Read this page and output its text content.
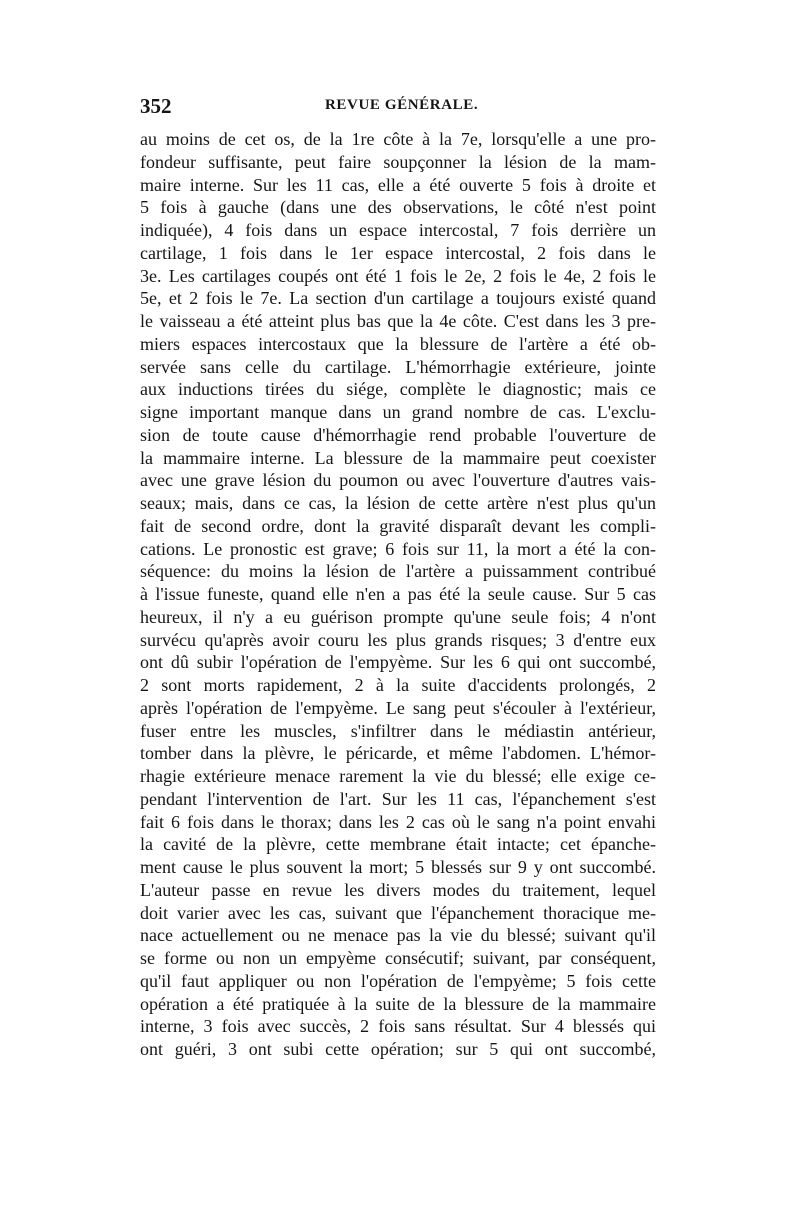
352	REVUE GÉNÉRALE.
au moins de cet os, de la 1re côte à la 7e, lorsqu'elle a une pro-
fondeur suffisante, peut faire soupçonner la lésion de la mam-
maire interne. Sur les 11 cas, elle a été ouverte 5 fois à droite et
5 fois à gauche (dans une des observations, le côté n'est point
indiquée), 4 fois dans un espace intercostal, 7 fois derrière un
cartilage, 1 fois dans le 1er espace intercostal, 2 fois dans le
3e. Les cartilages coupés ont été 1 fois le 2e, 2 fois le 4e, 2 fois le
5e, et 2 fois le 7e. La section d'un cartilage a toujours existé quand
le vaisseau a été atteint plus bas que la 4e côte. C'est dans les 3 pre-
miers espaces intercostaux que la blessure de l'artère a été ob-
servée sans celle du cartilage. L'hémorrhagie extérieure, jointe
aux inductions tirées du siége, complète le diagnostic; mais ce
signe important manque dans un grand nombre de cas. L'exclu-
sion de toute cause d'hémorrhagie rend probable l'ouverture de
la mammaire interne. La blessure de la mammaire peut coexister
avec une grave lésion du poumon ou avec l'ouverture d'autres vais-
seaux; mais, dans ce cas, la lésion de cette artère n'est plus qu'un
fait de second ordre, dont la gravité disparaît devant les compli-
cations. Le pronostic est grave; 6 fois sur 11, la mort a été la con-
séquence: du moins la lésion de l'artère a puissamment contribué
à l'issue funeste, quand elle n'en a pas été la seule cause. Sur 5 cas
heureux, il n'y a eu guérison prompte qu'une seule fois; 4 n'ont
survécu qu'après avoir couru les plus grands risques; 3 d'entre eux
ont dû subir l'opération de l'empyème. Sur les 6 qui ont succombé,
2 sont morts rapidement, 2 à la suite d'accidents prolongés, 2
après l'opération de l'empyème. Le sang peut s'écouler à l'extérieur,
fuser entre les muscles, s'infiltrer dans le médiastin antérieur,
tomber dans la plèvre, le péricarde, et même l'abdomen. L'hémor-
rhagie extérieure menace rarement la vie du blessé; elle exige ce-
pendant l'intervention de l'art. Sur les 11 cas, l'épanchement s'est
fait 6 fois dans le thorax; dans les 2 cas où le sang n'a point envahi
la cavité de la plèvre, cette membrane était intacte; cet épanche-
ment cause le plus souvent la mort; 5 blessés sur 9 y ont succombé.
L'auteur passe en revue les divers modes du traitement, lequel
doit varier avec les cas, suivant que l'épanchement thoracique me-
nace actuellement ou ne menace pas la vie du blessé; suivant qu'il
se forme ou non un empyème consécutif; suivant, par conséquent,
qu'il faut appliquer ou non l'opération de l'empyème; 5 fois cette
opération a été pratiquée à la suite de la blessure de la mammaire
interne, 3 fois avec succès, 2 fois sans résultat. Sur 4 blessés qui
ont guéri, 3 ont subi cette opération; sur 5 qui ont succombé,
